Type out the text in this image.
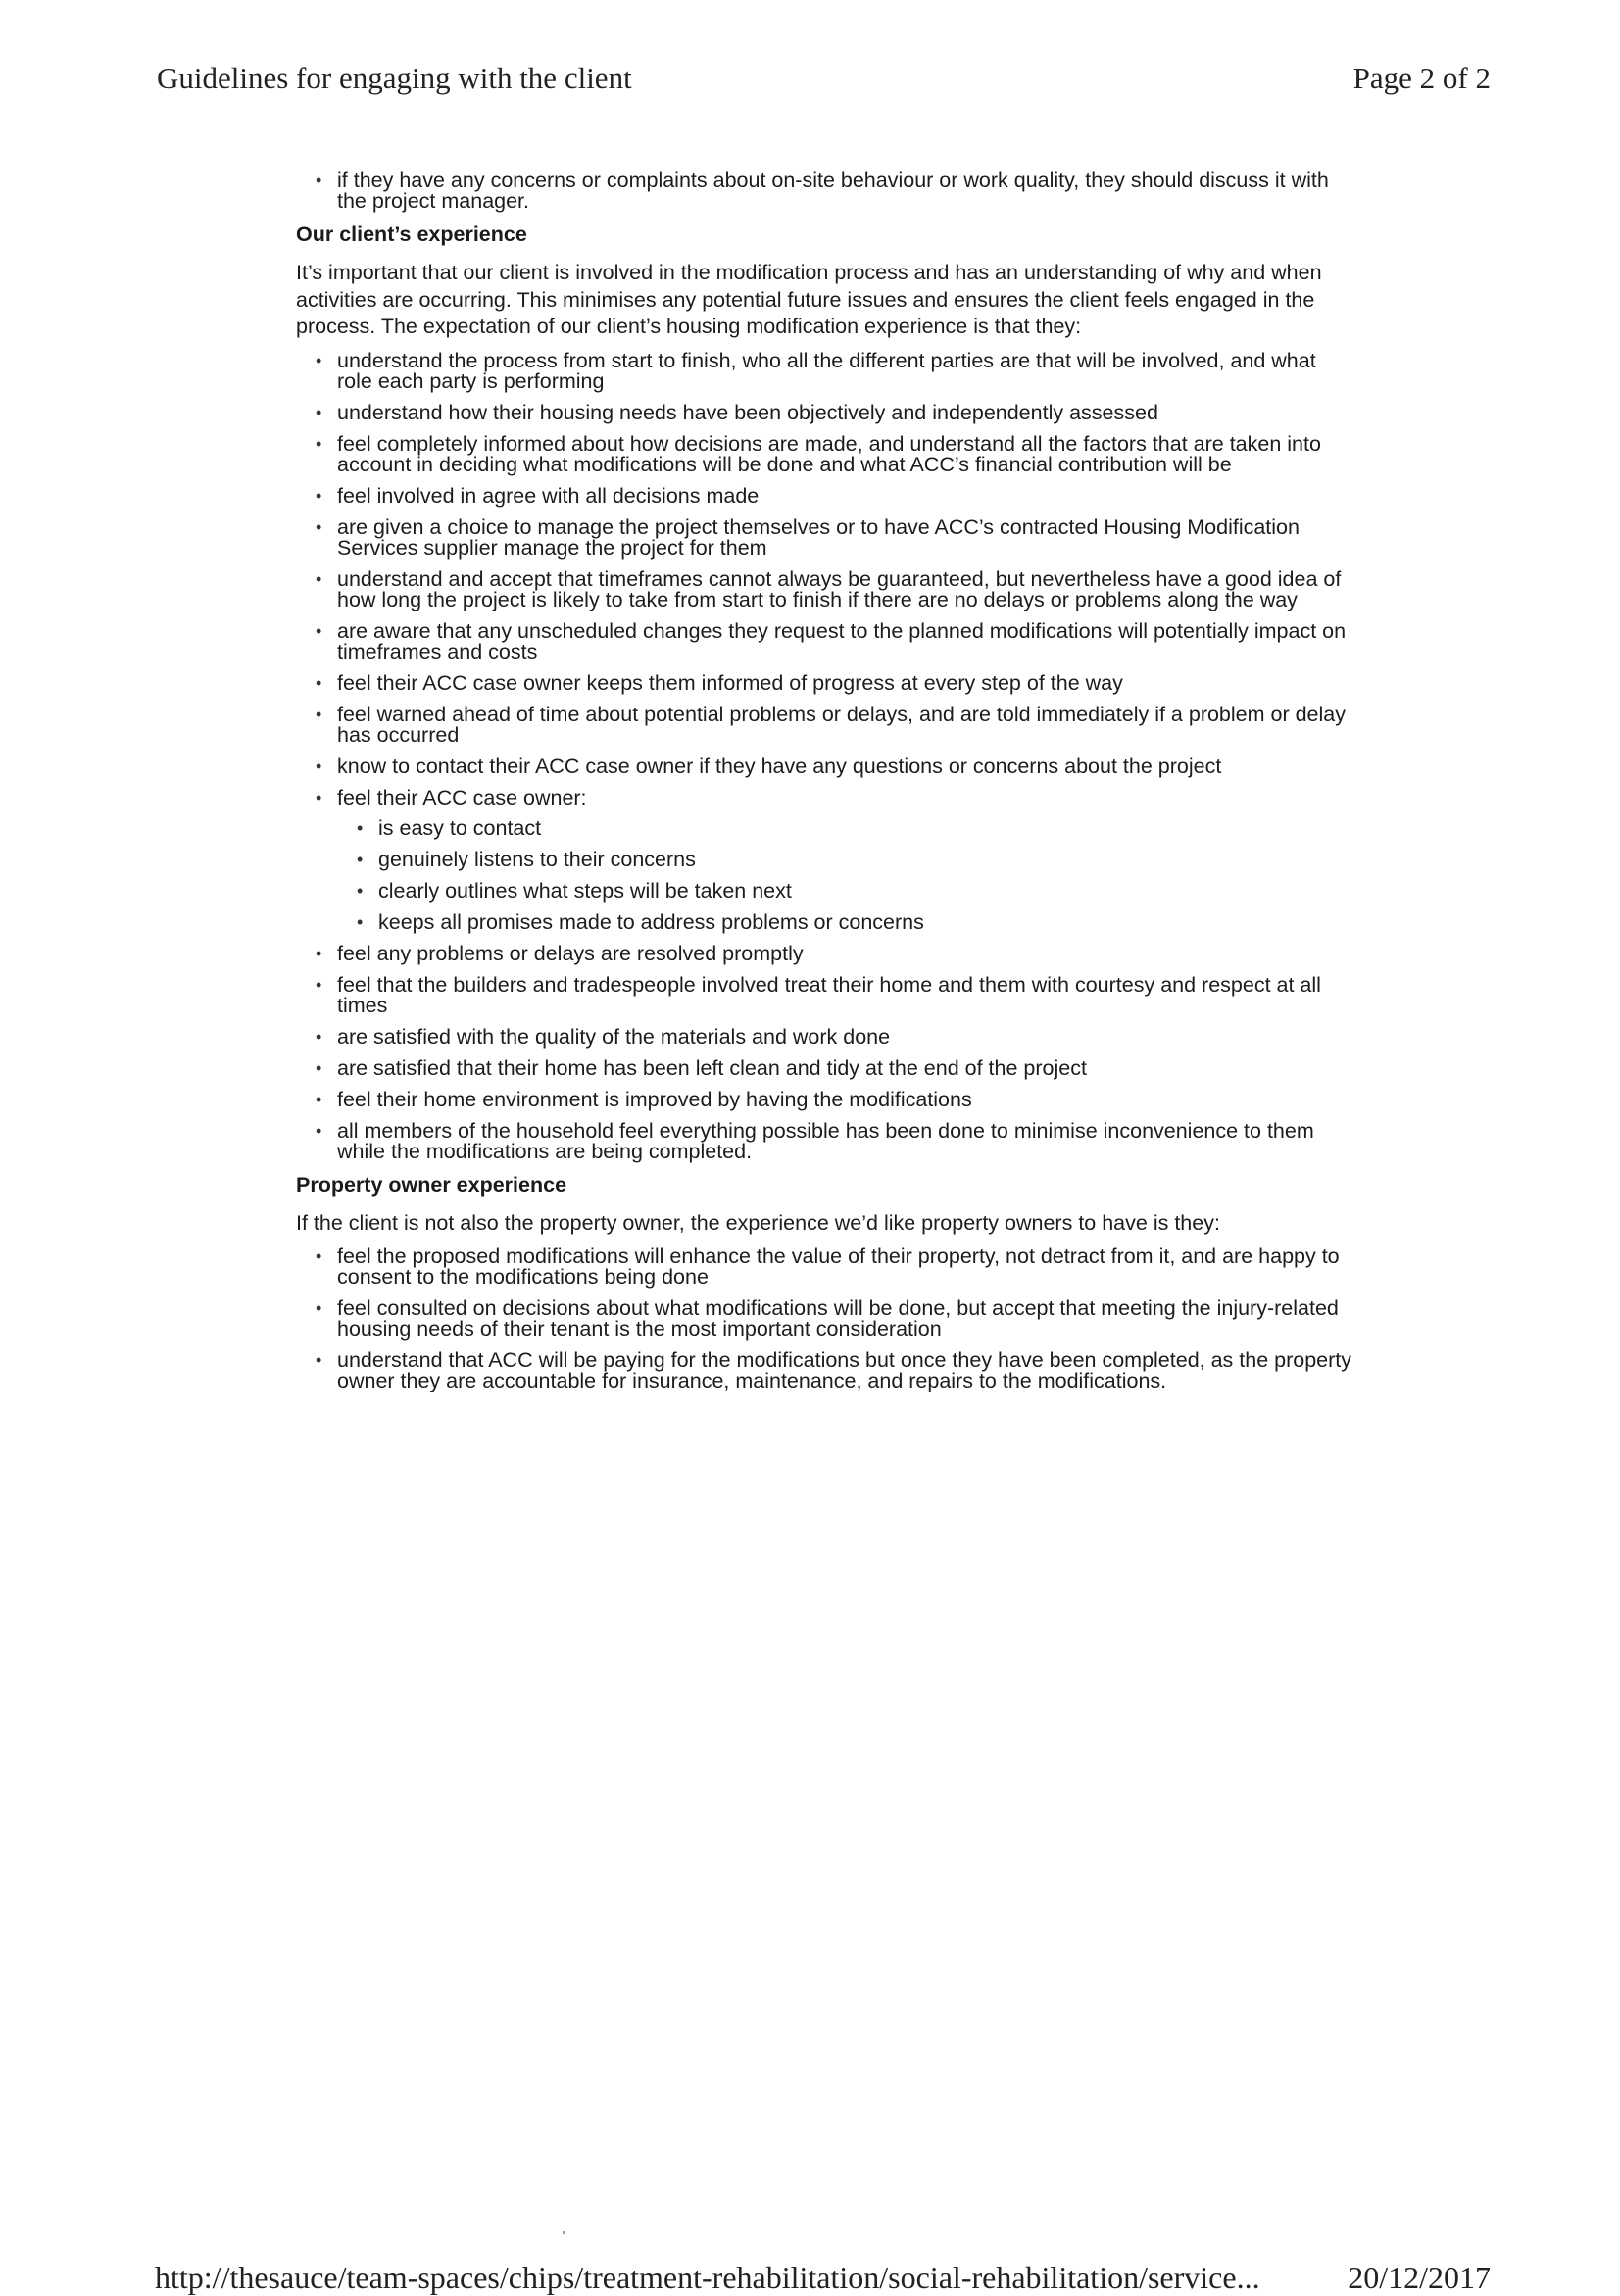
Guidelines for engaging with the client	Page 2 of 2
• if they have any concerns or complaints about on-site behaviour or work quality, they should discuss it with the project manager.
Our client’s experience

It’s important that our client is involved in the modification process and has an understanding of why and when activities are occurring. This minimises any potential future issues and ensures the client feels engaged in the process. The expectation of our client’s housing modification experience is that they:

• understand the process from start to finish, who all the different parties are that will be involved, and what role each party is performing
• understand how their housing needs have been objectively and independently assessed
• feel completely informed about how decisions are made, and understand all the factors that are taken into account in deciding what modifications will be done and what ACC’s financial contribution will be
• feel involved in agree with all decisions made
• are given a choice to manage the project themselves or to have ACC’s contracted Housing Modification Services supplier manage the project for them
• understand and accept that timeframes cannot always be guaranteed, but nevertheless have a good idea of how long the project is likely to take from start to finish if there are no delays or problems along the way
• are aware that any unscheduled changes they request to the planned modifications will potentially impact on timeframes and costs
• feel their ACC case owner keeps them informed of progress at every step of the way
• feel warned ahead of time about potential problems or delays, and are told immediately if a problem or delay has occurred
• know to contact their ACC case owner if they have any questions or concerns about the project
• feel their ACC case owner:
• is easy to contact
• genuinely listens to their concerns
• clearly outlines what steps will be taken next
• keeps all promises made to address problems or concerns
• feel any problems or delays are resolved promptly
• feel that the builders and tradespeople involved treat their home and them with courtesy and respect at all times
• are satisfied with the quality of the materials and work done
• are satisfied that their home has been left clean and tidy at the end of the project
• feel their home environment is improved by having the modifications
• all members of the household feel everything possible has been done to minimise inconvenience to them while the modifications are being completed.
Property owner experience

If the client is not also the property owner, the experience we’d like property owners to have is they:

• feel the proposed modifications will enhance the value of their property, not detract from it, and are happy to consent to the modifications being done
• feel consulted on decisions about what modifications will be done, but accept that meeting the injury-related housing needs of their tenant is the most important consideration
• understand that ACC will be paying for the modifications but once they have been completed, as the property owner they are accountable for insurance, maintenance, and repairs to the modifications.
http://thesauce/team-spaces/chips/treatment-rehabilitation/social-rehabilitation/service...	20/12/2017
